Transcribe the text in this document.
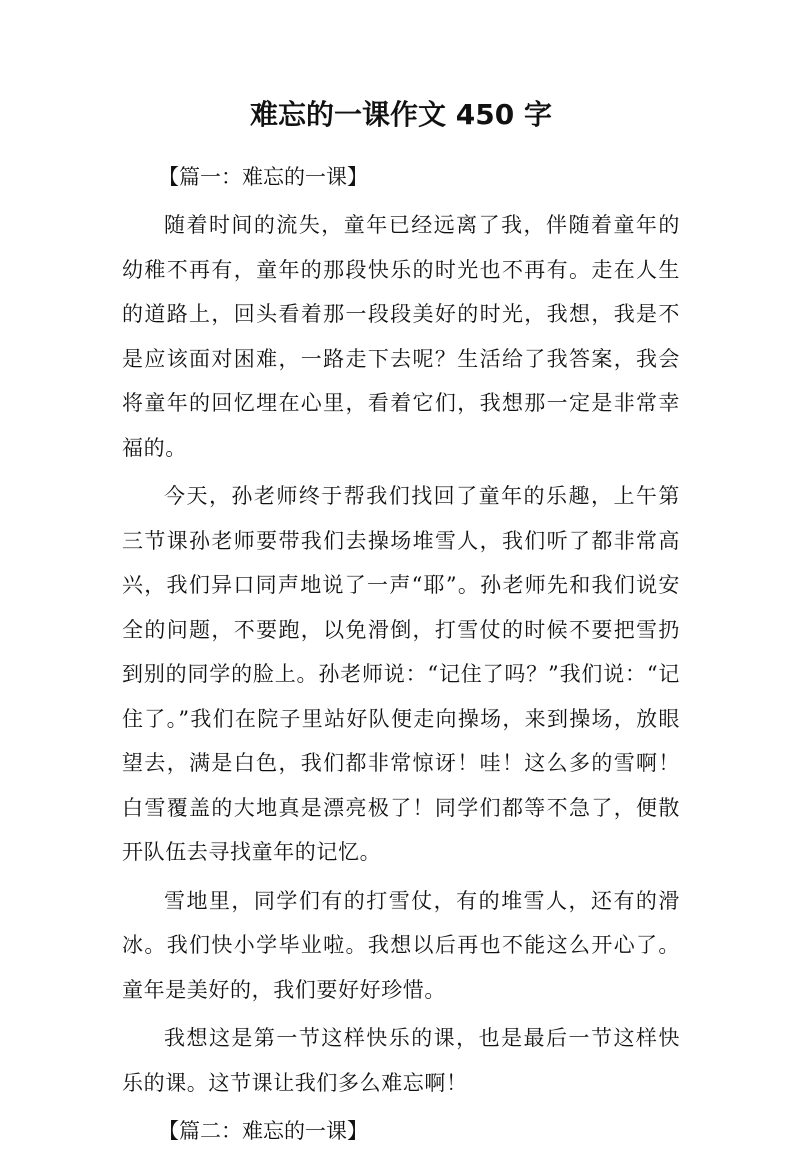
难忘的一课作文 450 字
【篇一：难忘的一课】

随着时间的流失，童年已经远离了我，伴随着童年的幼稚不再有，童年的那段快乐的时光也不再有。走在人生的道路上，回头看着那一段段美好的时光，我想，我是不是应该面对困难，一路走下去呢？生活给了我答案，我会将童年的回忆埋在心里，看着它们，我想那一定是非常幸福的。

今天，孙老师终于帮我们找回了童年的乐趣，上午第三节课孙老师要带我们去操场堆雪人，我们听了都非常高兴，我们异口同声地说了一声“耶”。孙老师先和我们说安全的问题，不要跑，以免滑倒，打雪仗的时候不要把雪扔到别的同学的脸上。孙老师说：“记住了吗？”我们说：“记住了。”我们在院子里站好队便走向操场，来到操场，放眼望去，满是白色，我们都非常惊讶！哇！这么多的雪啊！白雪覆盖的大地真是漂亮极了！同学们都等不急了，便散开队伍去寻找童年的记忆。

雪地里，同学们有的打雪仗，有的堆雪人，还有的滑冰。我们快小学毕业啦。我想以后再也不能这么开心了。童年是美好的，我们要好好珍惜。

我想这是第一节这样快乐的课，也是最后一节这样快乐的课。这节课让我们多么难忘啊！

【篇二：难忘的一课】
